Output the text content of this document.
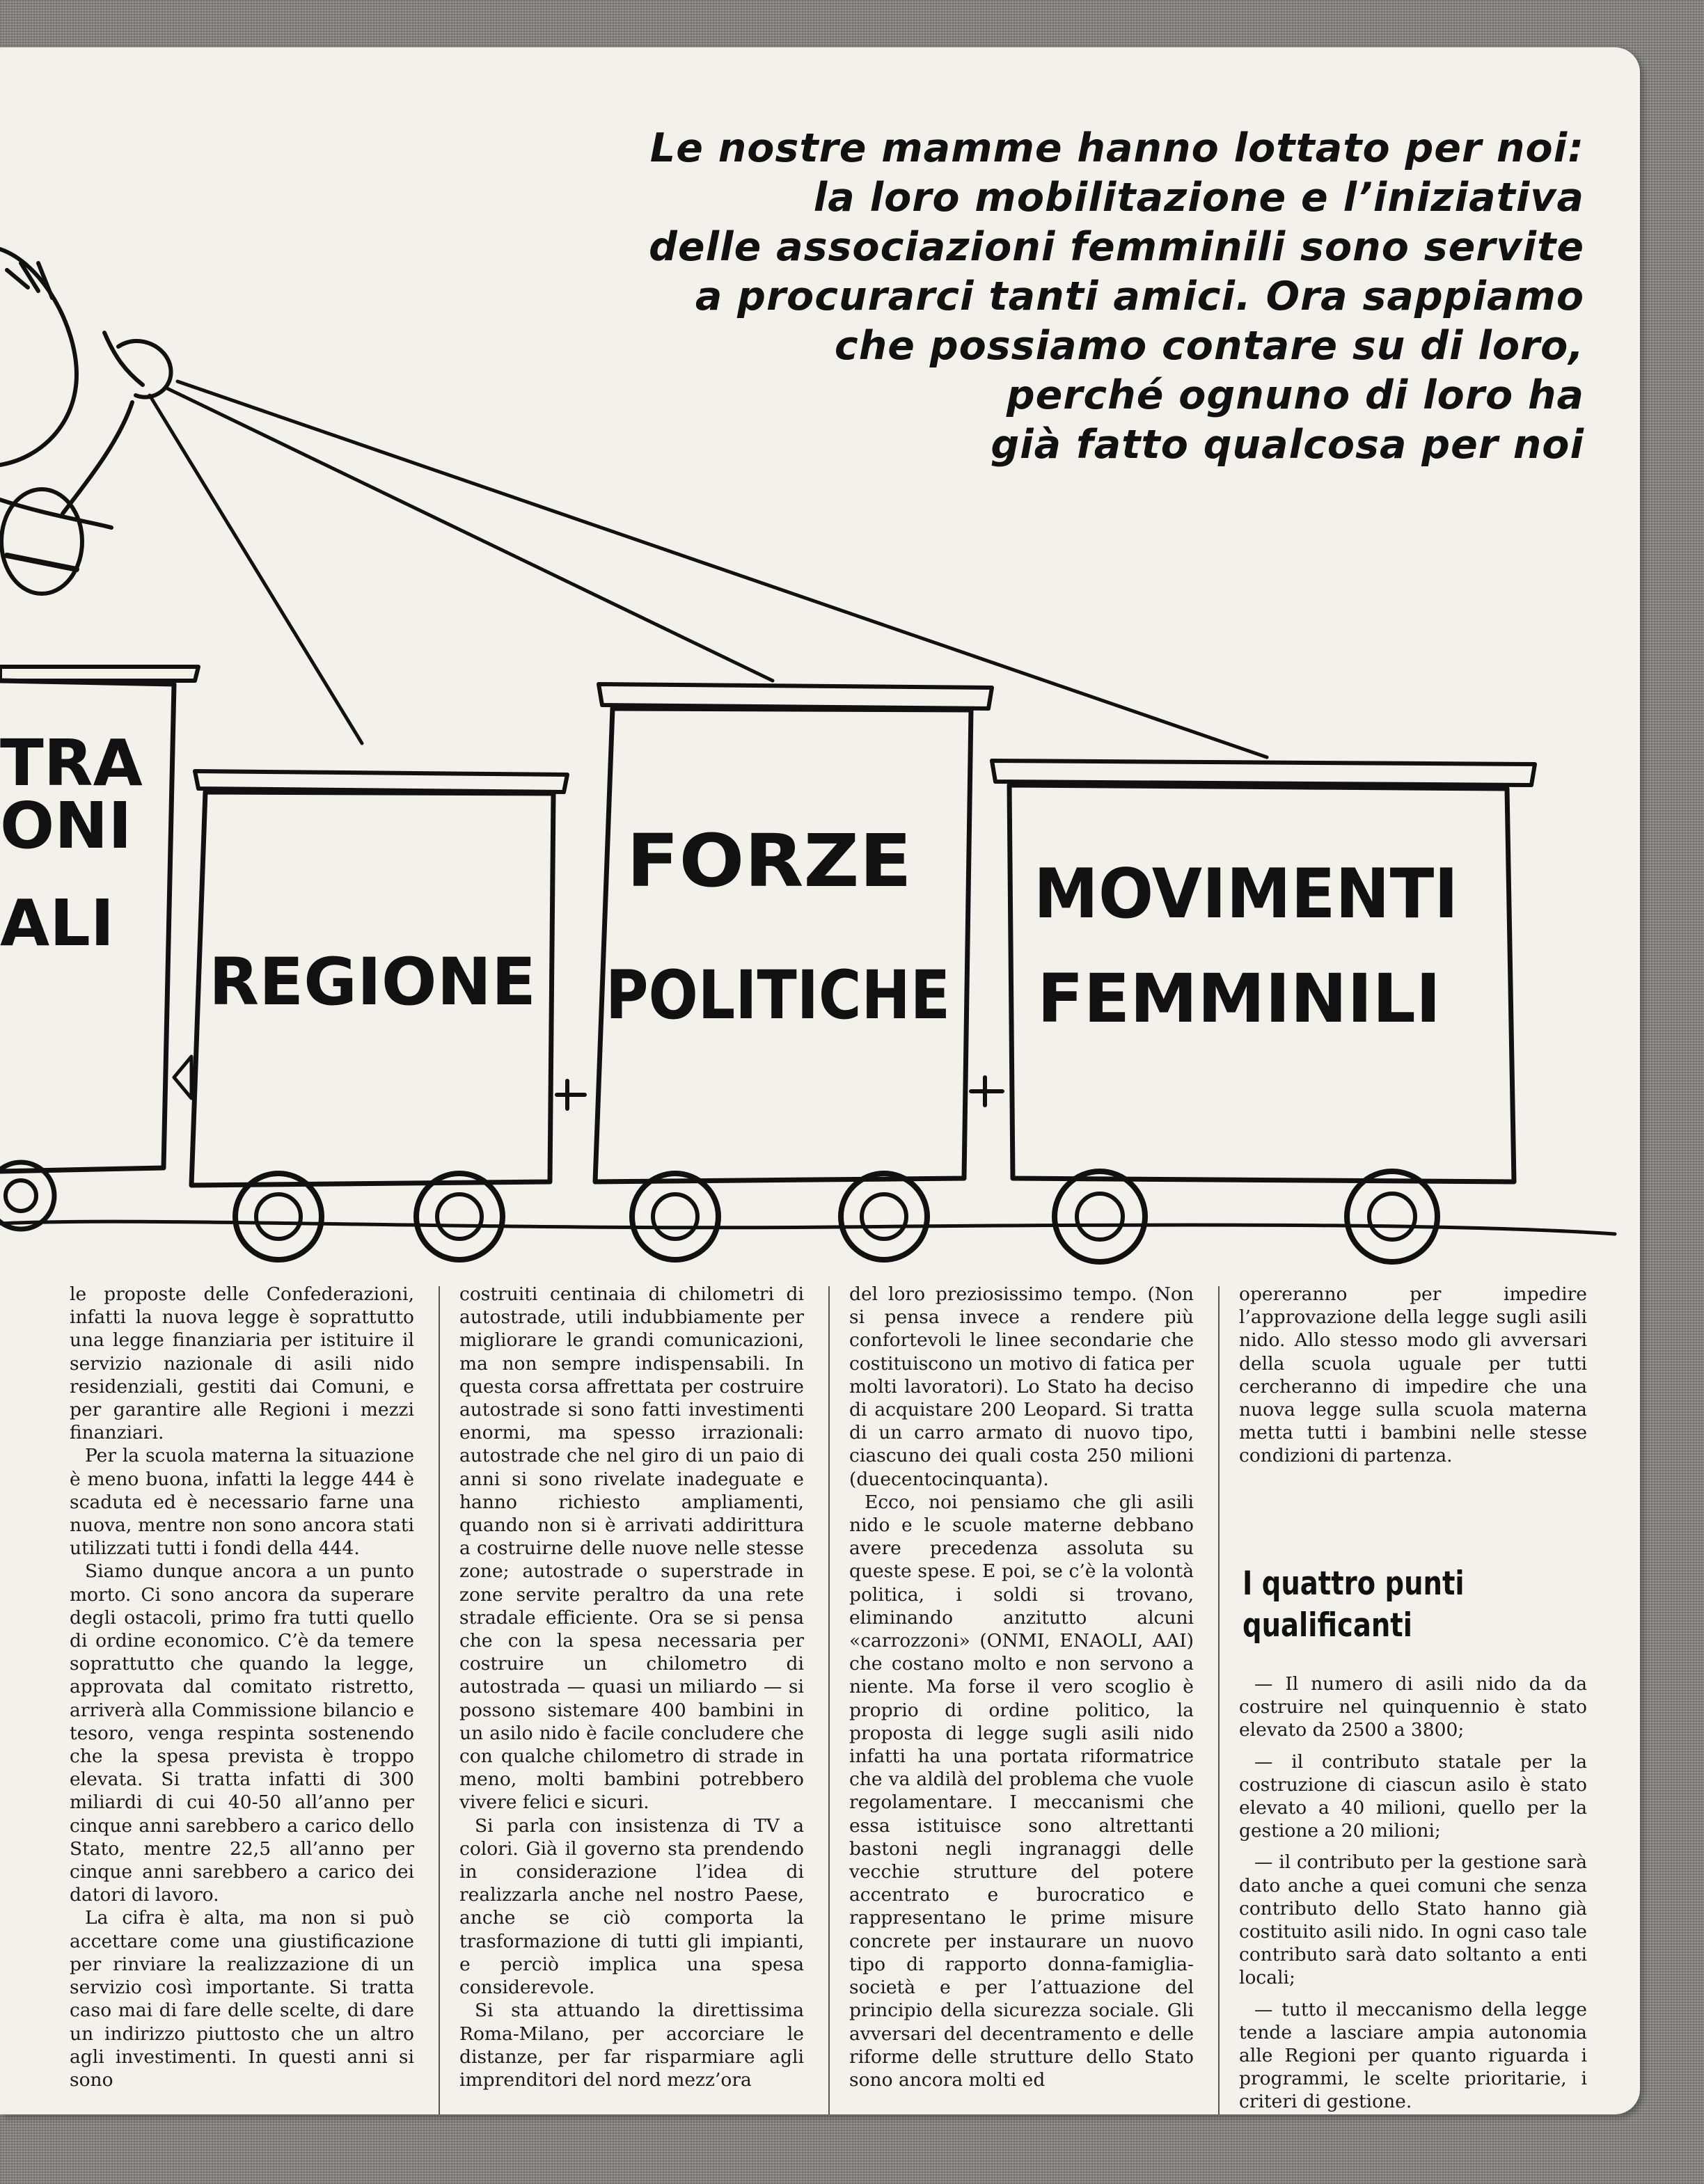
TRA
ONI
ALI
REGIONE
FORZE
POLITICHE
MOVIMENTI
FEMMINILI
Le nostre mamme hanno lottato per noi:
la loro mobilitazione e l’iniziativa
delle associazioni femminili sono servite
a procurarci tanti amici. Ora sappiamo
che possiamo contare su di loro,
perché ognuno di loro ha
già fatto qualcosa per noi

le proposte delle Confederazioni, infatti la nuova legge è soprattutto una legge finanziaria per istituire il servizio nazionale di asili nido residenziali, gestiti dai Comuni, e per garantire alle Regioni i mezzi finanziari.

Per la scuola materna la situazione è meno buona, infatti la legge 444 è scaduta ed è necessario farne una nuova, mentre non sono ancora stati utilizzati tutti i fondi della 444.

Siamo dunque ancora a un punto morto. Ci sono ancora da superare degli ostacoli, primo fra tutti quello di ordine economico. C’è da temere soprattutto che quando la legge, approvata dal comitato ristretto, arriverà alla Commissione bilancio e tesoro, venga respinta sostenendo che la spesa prevista è troppo elevata. Si tratta infatti di 300 miliardi di cui 40-50 all’anno per cinque anni sarebbero a carico dello Stato, mentre 22,5 all’anno per cinque anni sarebbero a carico dei datori di lavoro.

La cifra è alta, ma non si può accettare come una giustificazione per rinviare la realizzazione di un servizio così importante. Si tratta caso mai di fare delle scelte, di dare un indirizzo piuttosto che un altro agli investimenti. In questi anni si sono

costruiti centinaia di chilometri di autostrade, utili indubbiamente per migliorare le grandi comunicazioni, ma non sempre indispensabili. In questa corsa affrettata per costruire autostrade si sono fatti investimenti enormi, ma spesso irrazionali: autostrade che nel giro di un paio di anni si sono rivelate inadeguate e hanno richiesto ampliamenti, quando non si è arrivati addirittura a costruirne delle nuove nelle stesse zone; autostrade o superstrade in zone servite peraltro da una rete stradale efficiente. Ora se si pensa che con la spesa necessaria per costruire un chilometro di autostrada — quasi un miliardo — si possono sistemare 400 bambini in un asilo nido è facile concludere che con qualche chilometro di strade in meno, molti bambini potrebbero vivere felici e sicuri.

Si parla con insistenza di TV a colori. Già il governo sta prendendo in considerazione l’idea di realizzarla anche nel nostro Paese, anche se ciò comporta la trasformazione di tutti gli impianti, e perciò implica una spesa considerevole.

Si sta attuando la direttissima Roma-Milano, per accorciare le distanze, per far risparmiare agli imprenditori del nord mezz’ora

del loro preziosissimo tempo. (Non si pensa invece a rendere più confortevoli le linee secondarie che costituiscono un motivo di fatica per molti lavoratori). Lo Stato ha deciso di acquistare 200 Leopard. Si tratta di un carro armato di nuovo tipo, ciascuno dei quali costa 250 milioni (duecentocinquanta).

Ecco, noi pensiamo che gli asili nido e le scuole materne debbano avere precedenza assoluta su queste spese. E poi, se c’è la volontà politica, i soldi si trovano, eliminando anzitutto alcuni «carrozzoni» (ONMI, ENAOLI, AAI) che costano molto e non servono a niente. Ma forse il vero scoglio è proprio di ordine politico, la proposta di legge sugli asili nido infatti ha una portata riformatrice che va aldilà del problema che vuole regolamentare. I meccanismi che essa istituisce sono altrettanti bastoni negli ingranaggi delle vecchie strutture del potere accentrato e burocratico e rappresentano le prime misure concrete per instaurare un nuovo tipo di rapporto donna-famiglia-società e per l’attuazione del principio della sicurezza sociale. Gli avversari del decentramento e delle riforme delle strutture dello Stato sono ancora molti ed

opereranno per impedire l’approvazione della legge sugli asili nido. Allo stesso modo gli avversari della scuola uguale per tutti cercheranno di impedire che una nuova legge sulla scuola materna metta tutti i bambini nelle stesse condizioni di partenza.

I quattro punti qualificanti

— Il numero di asili nido da da costruire nel quinquennio è stato elevato da 2500 a 3800;

— il contributo statale per la costruzione di ciascun asilo è stato elevato a 40 milioni, quello per la gestione a 20 milioni;

— il contributo per la gestione sarà dato anche a quei comuni che senza contributo dello Stato hanno già costituito asili nido. In ogni caso tale contributo sarà dato soltanto a enti locali;

— tutto il meccanismo della legge tende a lasciare ampia autonomia alle Regioni per quanto riguarda i programmi, le scelte prioritarie, i criteri di gestione.
